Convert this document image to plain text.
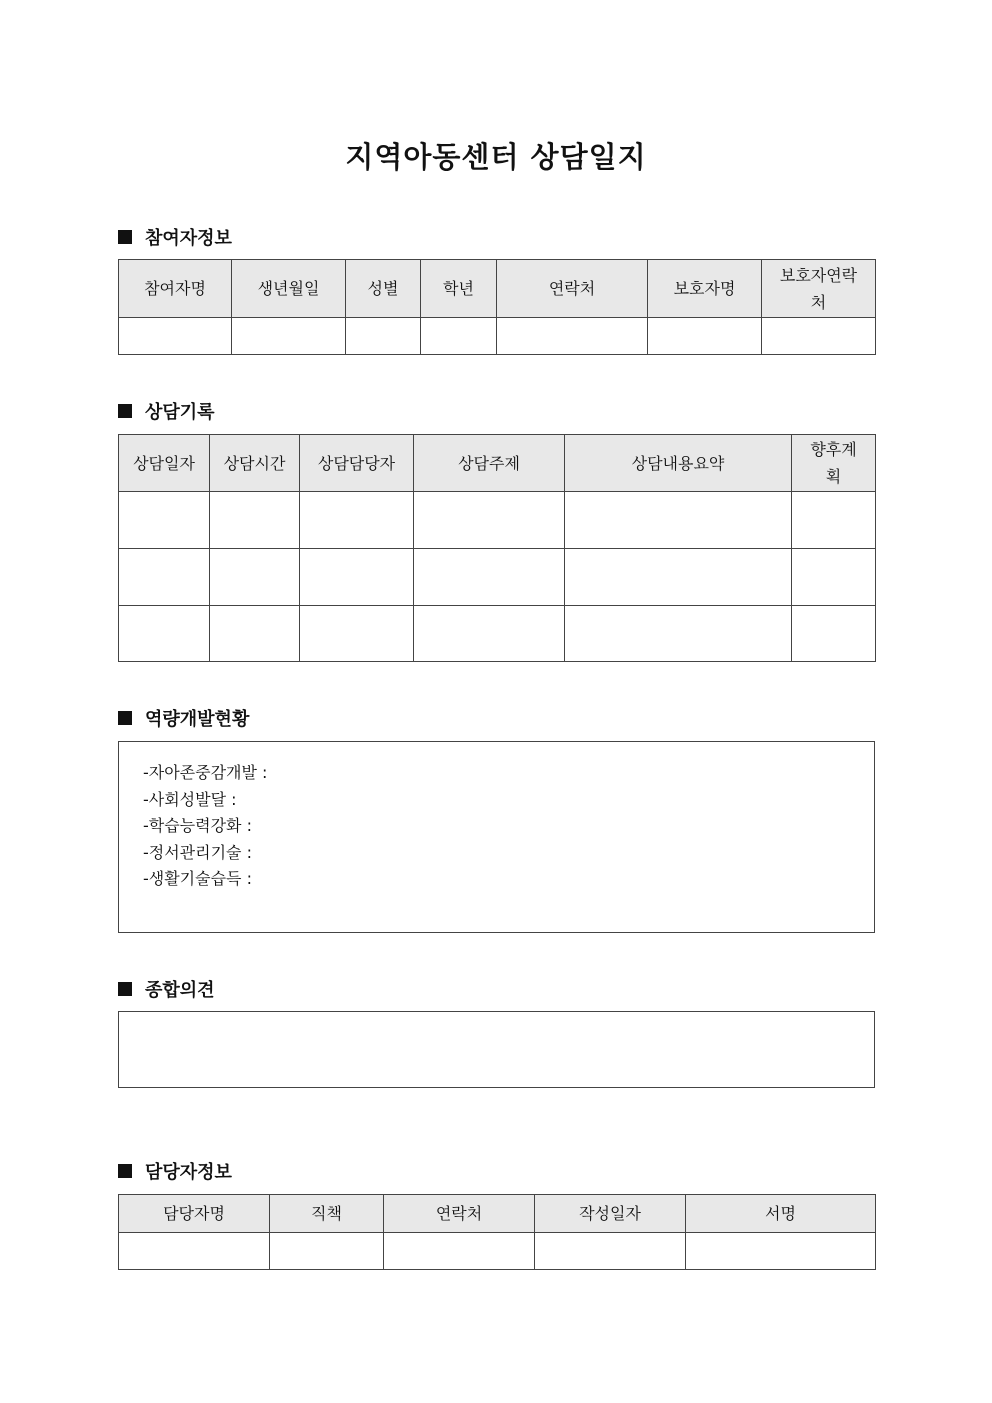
지역아동센터 상담일지
참여자정보
참여자명	생년월일	성별	학년	연락처	보호자명	보호자연락
처

상담기록
상담일자	상담시간	상담담당자	상담주제	상담내용요약	향후계
획

역량개발현황
-자아존중감개발 :
-사회성발달 :
-학습능력강화 :
-정서관리기술 :
-생활기술습득 :
종합의견
담당자정보
담당자명	직책	연락처	작성일자	서명
